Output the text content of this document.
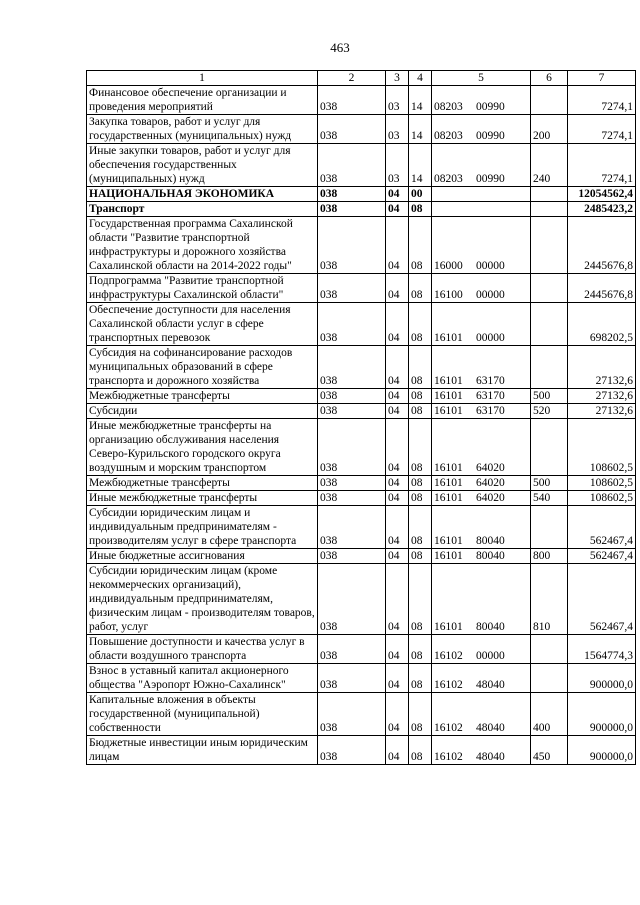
463
1	2	3	4	5	6	7
Финансовое обеспечение организации и проведения мероприятий	038	03	14	08203 00990		7274,1
Закупка товаров, работ и услуг для государственных (муниципальных) нужд	038	03	14	08203 00990	200	7274,1
Иные закупки товаров, работ и услуг для обеспечения государственных (муниципальных) нужд	038	03	14	08203 00990	240	7274,1
НАЦИОНАЛЬНАЯ ЭКОНОМИКА	038	04	00			12054562,4
Транспорт	038	04	08			2485423,2
Государственная программа Сахалинской области "Развитие транспортной инфраструктуры и дорожного хозяйства Сахалинской области на 2014-2022 годы"	038	04	08	16000 00000		2445676,8
Подпрограмма "Развитие транспортной инфраструктуры Сахалинской области"	038	04	08	16100 00000		2445676,8
Обеспечение доступности для населения Сахалинской области услуг в сфере транспортных перевозок	038	04	08	16101 00000		698202,5
Субсидия на софинансирование расходов муниципальных образований в сфере транспорта и дорожного хозяйства	038	04	08	16101 63170		27132,6
Межбюджетные трансферты	038	04	08	16101 63170	500	27132,6
Субсидии	038	04	08	16101 63170	520	27132,6
Иные межбюджетные трансферты на организацию обслуживания населения Северо-Курильского городского округа воздушным и морским транспортом	038	04	08	16101 64020		108602,5
Межбюджетные трансферты	038	04	08	16101 64020	500	108602,5
Иные межбюджетные трансферты	038	04	08	16101 64020	540	108602,5
Субсидии юридическим лицам и индивидуальным предпринимателям - производителям услуг в сфере транспорта	038	04	08	16101 80040		562467,4
Иные бюджетные ассигнования	038	04	08	16101 80040	800	562467,4
Субсидии юридическим лицам (кроме некоммерческих организаций), индивидуальным предпринимателям, физическим лицам - производителям товаров, работ, услуг	038	04	08	16101 80040	810	562467,4
Повышение доступности и качества услуг в области воздушного транспорта	038	04	08	16102 00000		1564774,3
Взнос в уставный капитал акционерного общества "Аэропорт Южно-Сахалинск"	038	04	08	16102 48040		900000,0
Капитальные вложения в объекты государственной (муниципальной) собственности	038	04	08	16102 48040	400	900000,0
Бюджетные инвестиции иным юридическим лицам	038	04	08	16102 48040	450	900000,0
